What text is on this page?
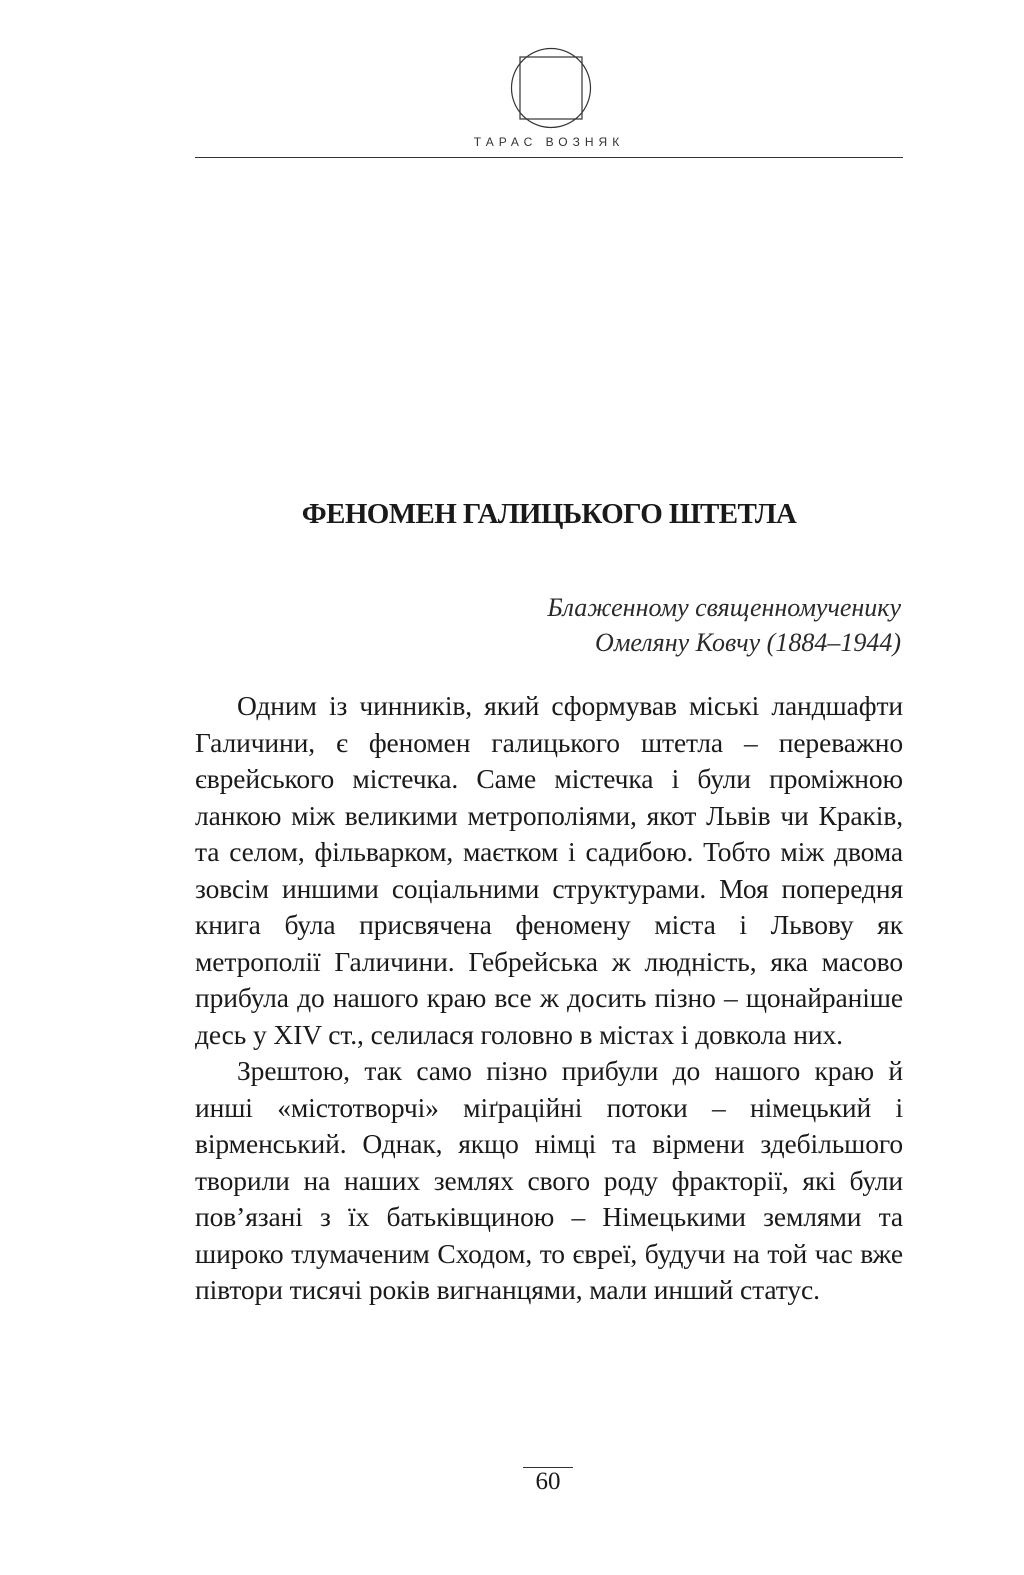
ТАРАС ВОЗНЯК
ФЕНОМЕН ГАЛИЦЬКОГО ШТЕТЛА
Блаженному священномученику
Омеляну Ковчу (1884–1944)

Одним із чинників, який сформував міські ландшафти Галичини, є феномен галицького штетла – переважно єврейського містечка. Саме містечка і були проміжною ланкою між великими метрополіями, якот Львів чи Краків, та селом, фільварком, маєтком і садибою. Тобто між двома зовсім иншими соціальними структурами. Моя попередня книга була присвячена феномену міста і Львову як метрополії Галичини. Гебрейська ж людність, яка масово прибула до нашого краю все ж досить пізно – щонайраніше десь у XIV ст., селилася головно в містах і довкола них.

Зрештою, так само пізно прибули до нашого краю й инші «містотворчі» міґраційні потоки – німецький і вірменський. Однак, якщо німці та вірмени здебільшого творили на наших землях свого роду фракторії, які були пов’язані з їх батьківщиною – Німецькими землями та широко тлумаченим Сходом, то євреї, будучи на той час вже півтори тисячі років вигнанцями, мали инший статус.

60
